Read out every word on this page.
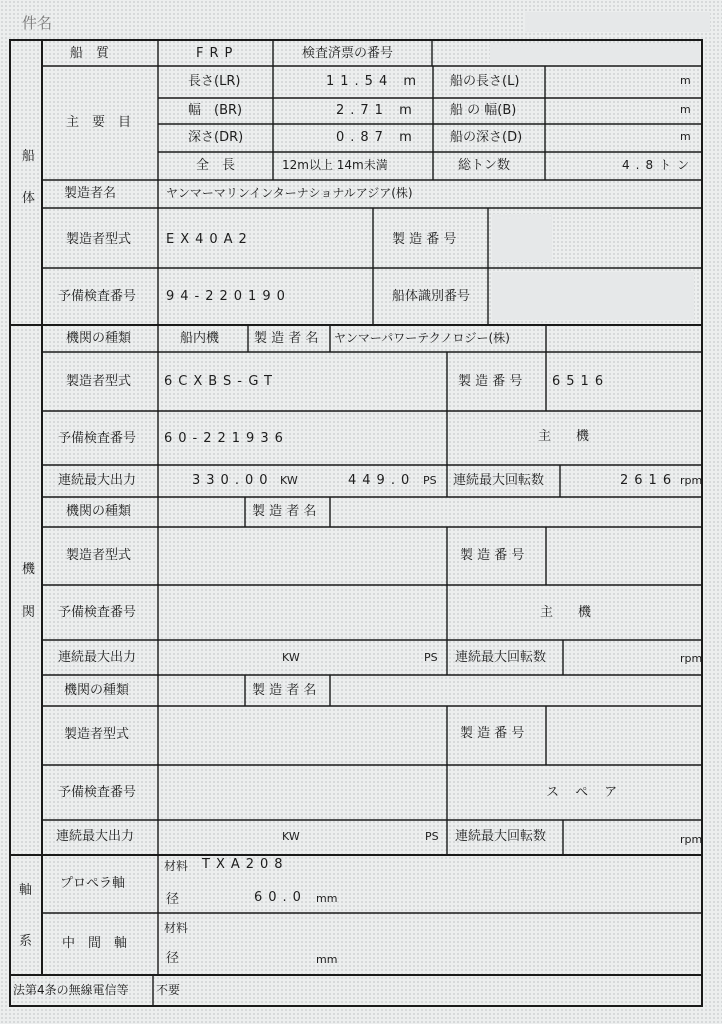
件名
船
体
機
関
軸
系
船　質	FRP	検査済票の番号
主　要　目
長さ(LR)	11.54 m 船の長さ(L)	m
幅　(BR)	2.71 m 船 の 幅(B)	m
深さ(DR)	0.87 m 船の深さ(D)	m
全　長	12m以上 14m未満	総トン数	4.8トン
製造者名	ヤンマーマリンインターナショナルアジア(株)
製造者型式	EX40A2	製 造 番 号
予備検査番号 94-220190	船体識別番号
機関の種類	船内機	製 造 者 名 ヤンマーパワーテクノロジー(株)
製造者型式	6CXBS-GT	製 造 番 号 6516
予備検査番号 60-221936	主　機
連続最大出力	330.00 KW	449.0 PS 連続最大回転数	2616 rpm
機関の種類	製 造 者 名
製造者型式	製 造 番 号
予備検査番号	主　機
連続最大出力	KW	PS 連続最大回転数	rpm
機関の種類	製 造 者 名
製造者型式	製 造 番 号
予備検査番号	ス ペ ア
連続最大出力	KW	PS 連続最大回転数	rpm
プロペラ軸
材料 TXA208
径	60.0 mm
中　間　軸
材料
径	mm
法第4条の無線電信等 不要
